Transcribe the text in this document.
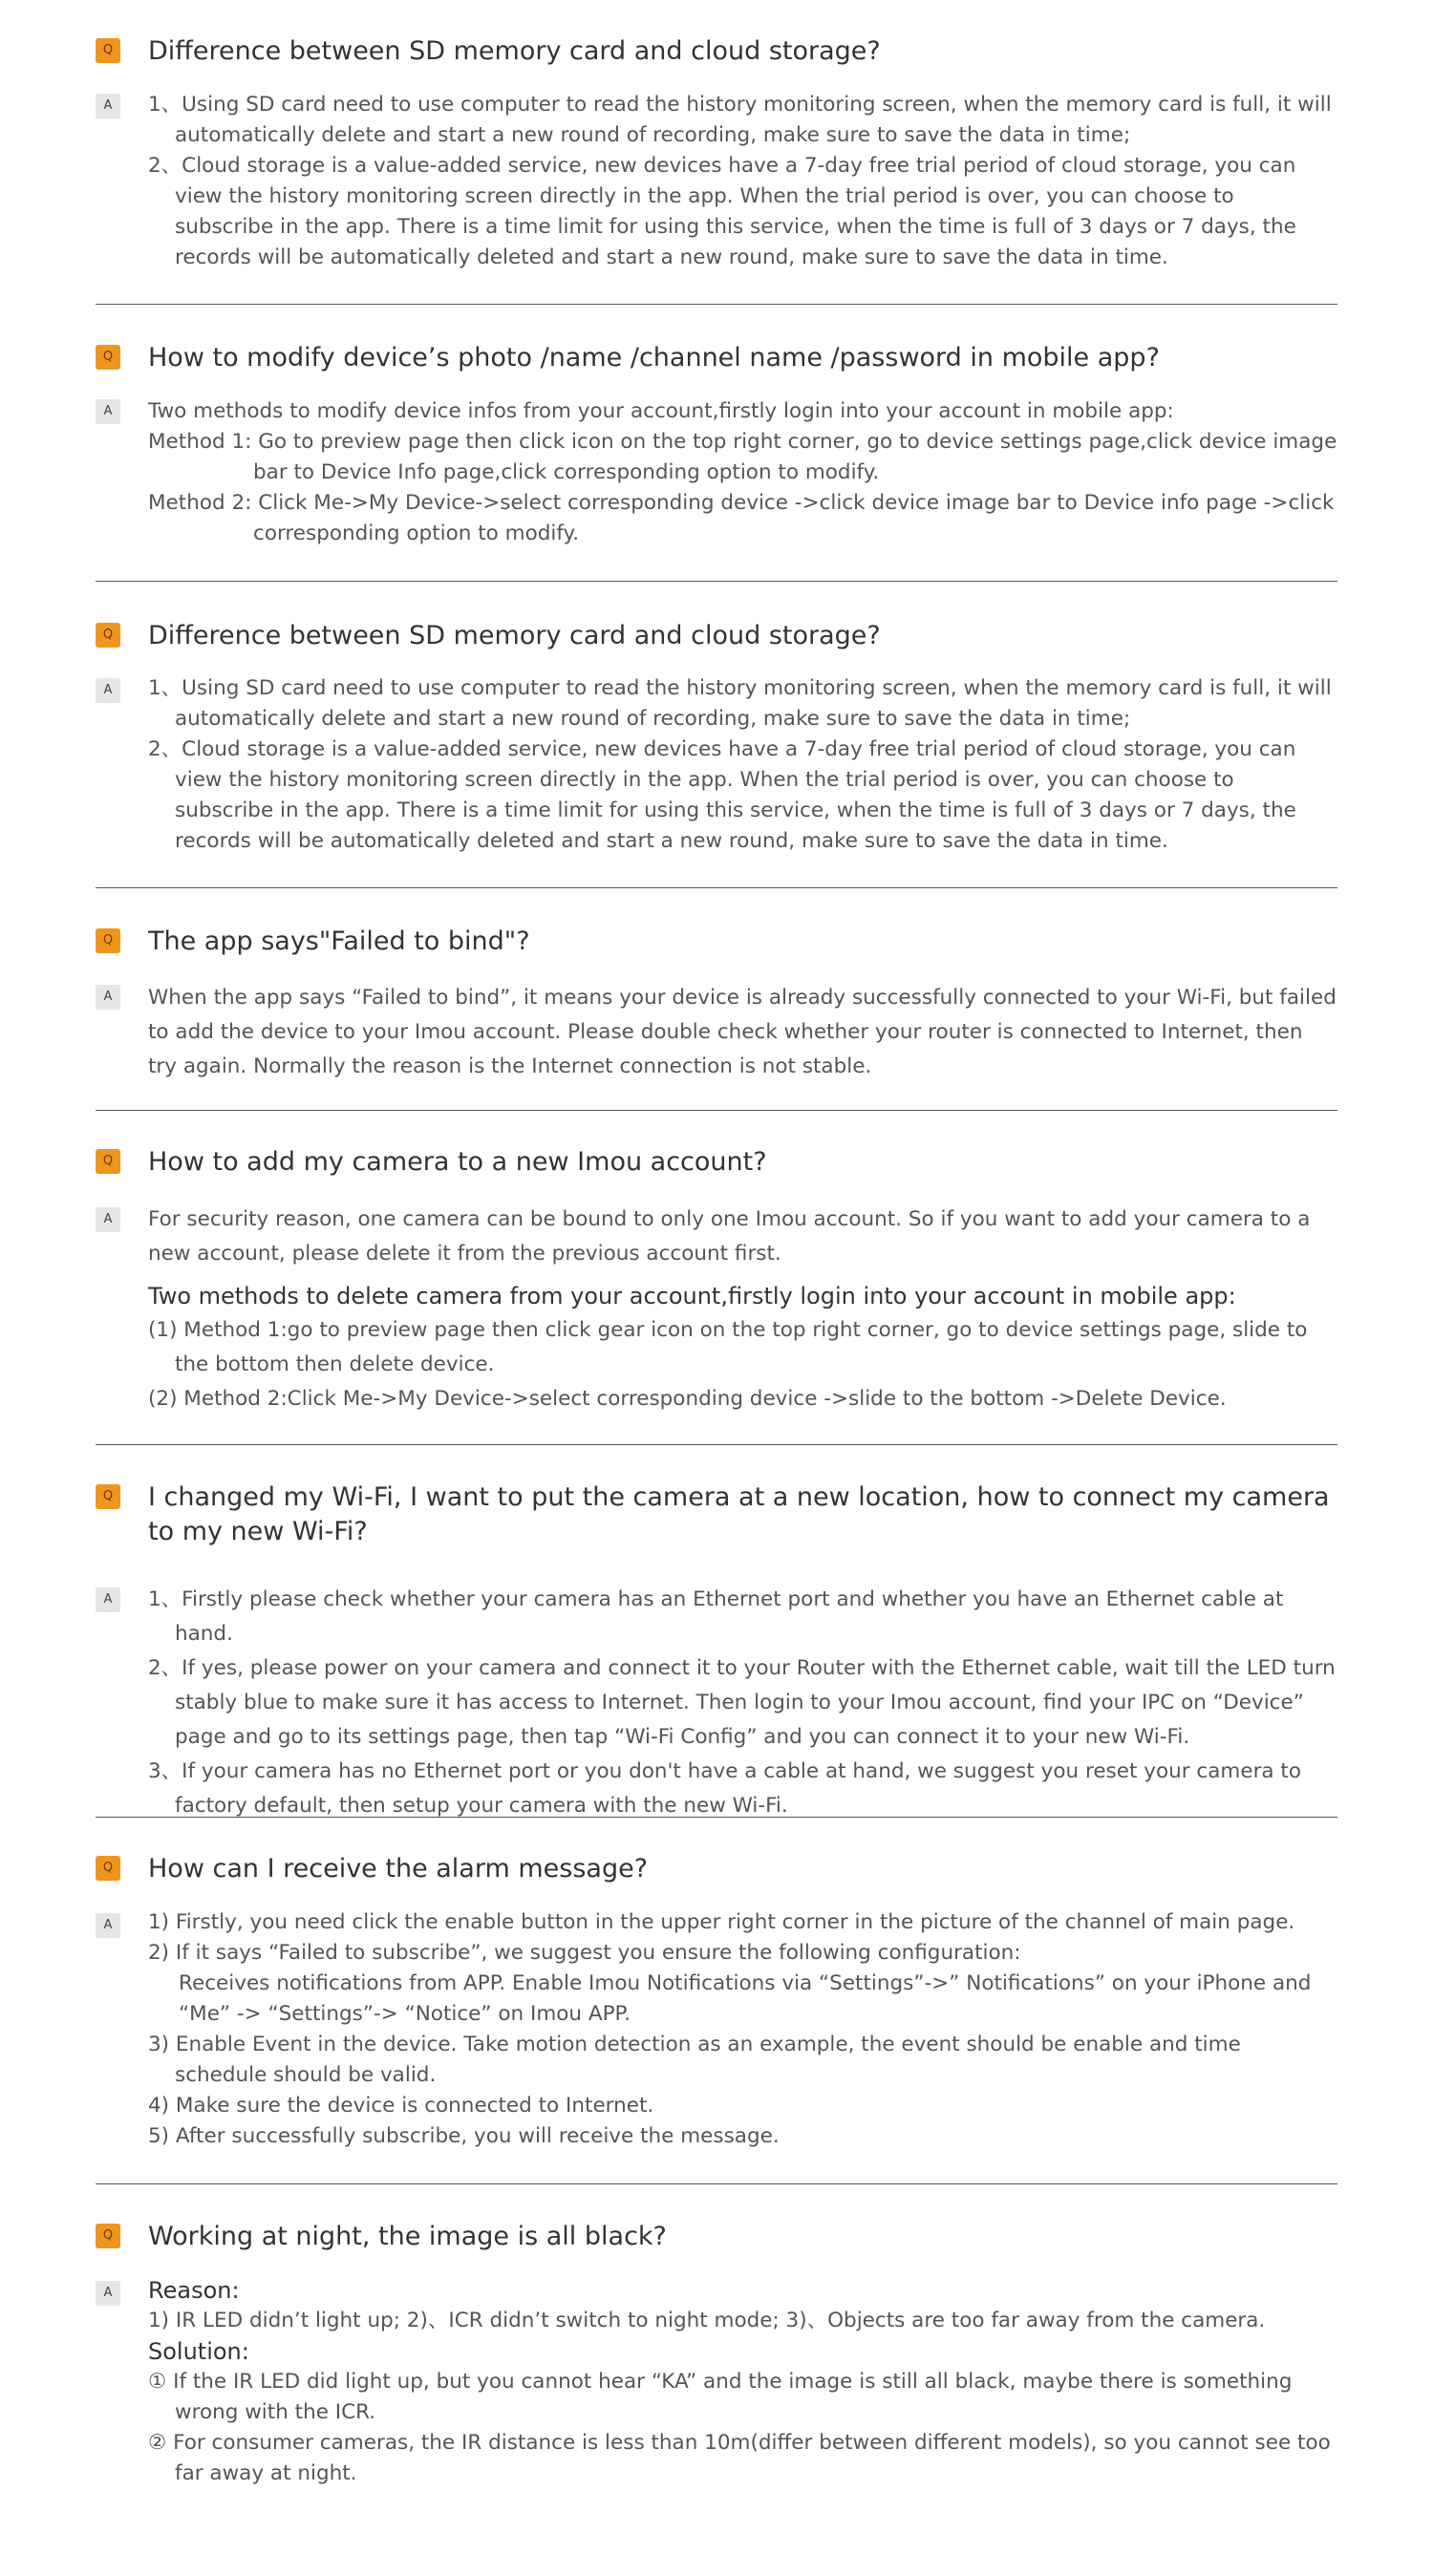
Q Difference between SD memory card and cloud storage?
A	1、Using SD card need to use computer to read the history monitoring screen, when the memory card is full, it will automatically delete and start a new round of recording, make sure to save the data in time;

2、Cloud storage is a value-added service, new devices have a 7-day free trial period of cloud storage, you can view the history monitoring screen directly in the app. When the trial period is over, you can choose to subscribe in the app. There is a time limit for using this service, when the time is full of 3 days or 7 days, the records will be automatically deleted and start a new round, make sure to save the data in time.

Q How to modify device’s photo /name /channel name /password in mobile app?
A	Two methods to modify device infos from your account,firstly login into your account in mobile app:

Method 1: Go to preview page then click icon on the top right corner, go to device settings page,click device image bar to Device Info page,click corresponding option to modify.

Method 2: Click Me->My Device->select corresponding device ->click device image bar to Device info page ->click corresponding option to modify.

Q Difference between SD memory card and cloud storage?
A	1、Using SD card need to use computer to read the history monitoring screen, when the memory card is full, it will automatically delete and start a new round of recording, make sure to save the data in time;

2、Cloud storage is a value-added service, new devices have a 7-day free trial period of cloud storage, you can view the history monitoring screen directly in the app. When the trial period is over, you can choose to subscribe in the app. There is a time limit for using this service, when the time is full of 3 days or 7 days, the records will be automatically deleted and start a new round, make sure to save the data in time.

Q The app says"Failed to bind"?
A	When the app says “Failed to bind”, it means your device is already successfully connected to your Wi-Fi, but failed to add the device to your Imou account. Please double check whether your router is connected to Internet, then try again. Normally the reason is the Internet connection is not stable.

Q How to add my camera to a new Imou account?
A	For security reason, one camera can be bound to only one Imou account. So if you want to add your camera to a new account, please delete it from the previous account first.

Two methods to delete camera from your account,firstly login into your account in mobile app:

(1) Method 1:go to preview page then click gear icon on the top right corner, go to device settings page, slide to the bottom then delete device.

(2) Method 2:Click Me->My Device->select corresponding device ->slide to the bottom ->Delete Device.

Q I changed my Wi-Fi, I want to put the camera at a new location, how to connect my camera to my new Wi-Fi?
A	1、Firstly please check whether your camera has an Ethernet port and whether you have an Ethernet cable at hand.

2、If yes, please power on your camera and connect it to your Router with the Ethernet cable, wait till the LED turn stably blue to make sure it has access to Internet. Then login to your Imou account, find your IPC on “Device” page and go to its settings page, then tap “Wi-Fi Config” and you can connect it to your new Wi-Fi.

3、If your camera has no Ethernet port or you don't have a cable at hand, we suggest you reset your camera to factory default, then setup your camera with the new Wi-Fi.

Q How can I receive the alarm message?
A	1) Firstly, you need click the enable button in the upper right corner in the picture of the channel of main page.

2) If it says “Failed to subscribe”, we suggest you ensure the following configuration:

Receives notifications from APP. Enable Imou Notifications via “Settings”->” Notifications” on your iPhone and “Me” -> “Settings”-> “Notice” on Imou APP.

3) Enable Event in the device. Take motion detection as an example, the event should be enable and time schedule should be valid.

4) Make sure the device is connected to Internet.

5) After successfully subscribe, you will receive the message.

Q Working at night, the image is all black?
A	Reason:

1) IR LED didn’t light up; 2)、ICR didn’t switch to night mode; 3)、Objects are too far away from the camera.

Solution:

① If the IR LED did light up, but you cannot hear “KA” and the image is still all black, maybe there is something wrong with the ICR.

② For consumer cameras, the IR distance is less than 10m(differ between different models), so you cannot see too far away at night.
